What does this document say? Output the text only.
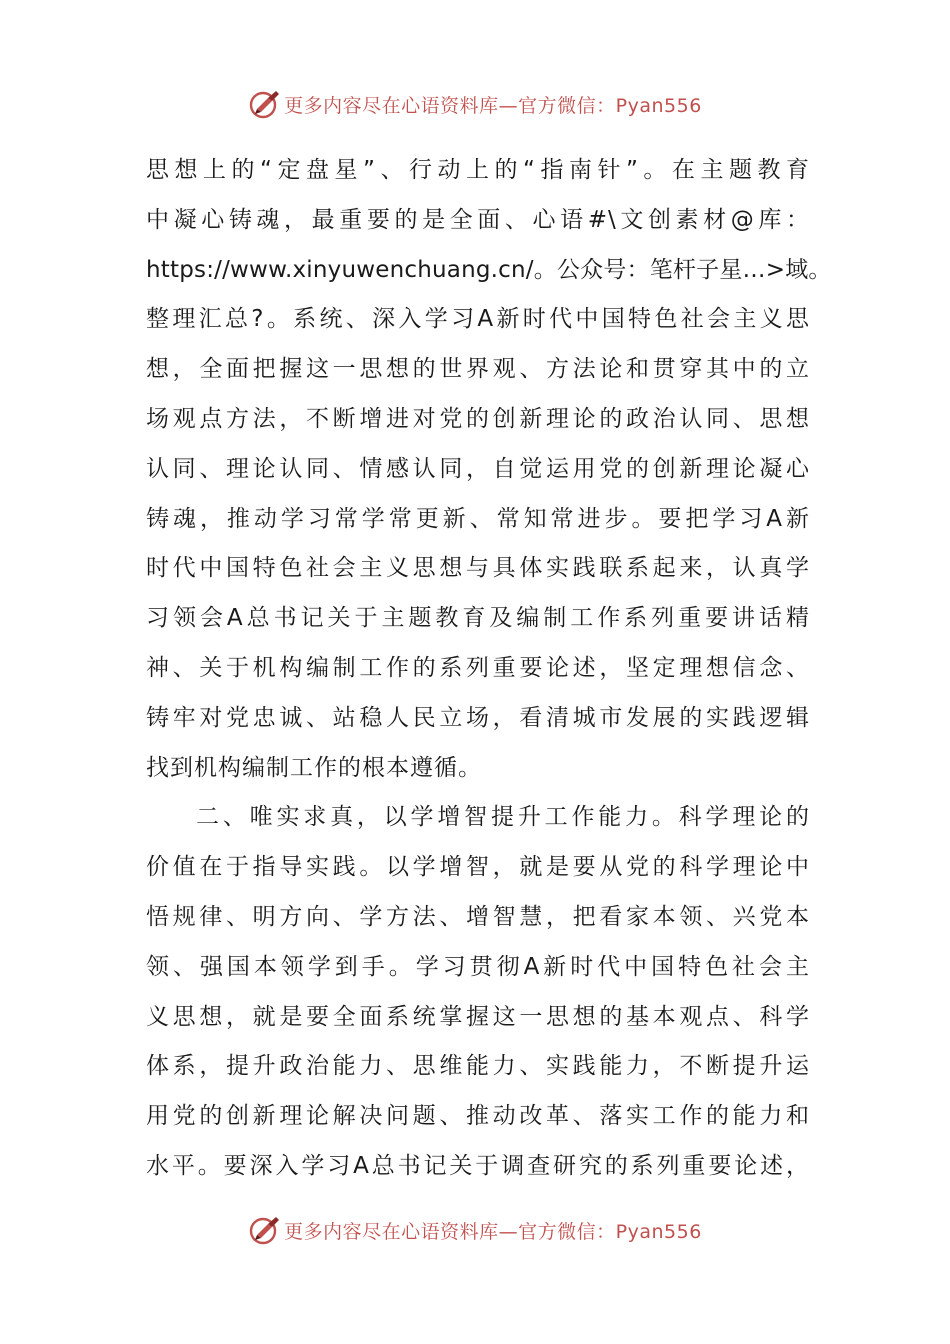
更多内容尽在心语资料库—官方微信：Pyan556
思想上的“定盘星”、行动上的“指南针”。在主题教育
中凝心铸魂，最重要的是全面、心语#\文创素材@库：
https://www.xinyuwenchuang.cn/。公众号：笔杆子星…>域。
整理汇总?。系统、深入学习A新时代中国特色社会主义思
想，全面把握这一思想的世界观、方法论和贯穿其中的立
场观点方法，不断增进对党的创新理论的政治认同、思想
认同、理论认同、情感认同，自觉运用党的创新理论凝心
铸魂，推动学习常学常更新、常知常进步。要把学习A新
时代中国特色社会主义思想与具体实践联系起来，认真学
习领会A总书记关于主题教育及编制工作系列重要讲话精
神、关于机构编制工作的系列重要论述，坚定理想信念、
铸牢对党忠诚、站稳人民立场，看清城市发展的实践逻辑
找到机构编制工作的根本遵循。
二、唯实求真，以学增智提升工作能力。科学理论的
价值在于指导实践。以学增智，就是要从党的科学理论中
悟规律、明方向、学方法、增智慧，把看家本领、兴党本
领、强国本领学到手。学习贯彻A新时代中国特色社会主
义思想，就是要全面系统掌握这一思想的基本观点、科学
体系，提升政治能力、思维能力、实践能力，不断提升运
用党的创新理论解决问题、推动改革、落实工作的能力和
水平。要深入学习A总书记关于调查研究的系列重要论述，
更多内容尽在心语资料库—官方微信：Pyan556
